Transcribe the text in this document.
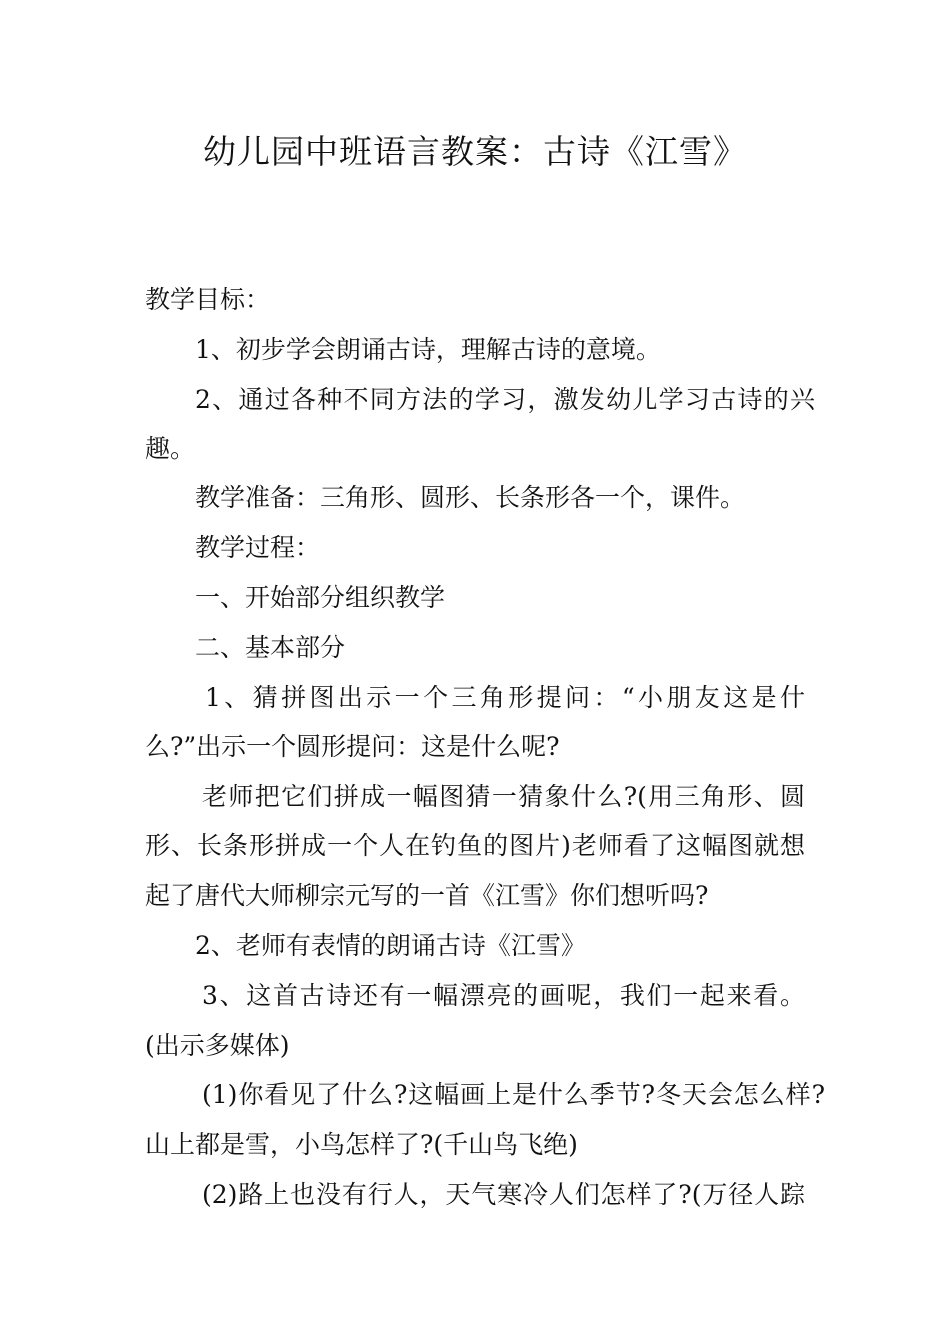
幼儿园中班语言教案：古诗《江雪》
教学目标：
1、初步学会朗诵古诗，理解古诗的意境。
2、通过各种不同方法的学习，激发幼儿学习古诗的兴
趣。
教学准备：三角形、圆形、长条形各一个，课件。
教学过程：
一、开始部分组织教学
二、基本部分
1、猜拼图出示一个三角形提问：“小朋友这是什
么?”出示一个圆形提问：这是什么呢?
老师把它们拼成一幅图猜一猜象什么?(用三角形、圆
形、长条形拼成一个人在钓鱼的图片)老师看了这幅图就想
起了唐代大师柳宗元写的一首《江雪》你们想听吗?
2、老师有表情的朗诵古诗《江雪》
3、这首古诗还有一幅漂亮的画呢，我们一起来看。
(出示多媒体)
(1)你看见了什么?这幅画上是什么季节?冬天会怎么样?
山上都是雪，小鸟怎样了?(千山鸟飞绝)
(2)路上也没有行人，天气寒冷人们怎样了?(万径人踪
